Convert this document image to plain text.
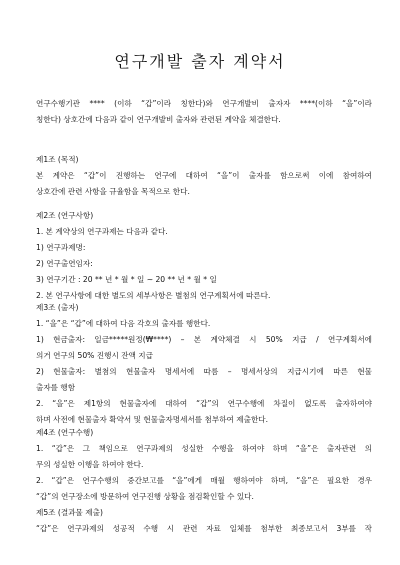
연구개발 출자 계약서

연구수행기관 **** (이하 “갑”이라 칭한다)와 연구개발비 출자자 ****(이하 “을”이라

칭한다) 상호간에 다음과 같이 연구개발비 출자와 관련된 계약을 체결한다.

제1조 (목적)

본 계약은 “갑”이 진행하는 연구에 대하여 “을”이 출자를 함으로써 이에 참여하여

상호간에 관련 사항을 규율함을 목적으로 한다.

제2조 (연구사항)

1. 본 계약상의 연구과제는 다음과 같다.

1) 연구과제명:

2) 연구출연임자:

3) 연구기간 : 20 ** 년 * 월 * 일 ~ 20 ** 년 * 월 * 일

2. 본 연구사항에 대한 별도의 세부사항은 별첨의 연구계획서에 따른다.

제3조 (출자)

1. “을”은 “갑”에 대하여 다음 각호의 출자를 행한다.

1) 현금출자: 일금*****원정(₩****) – 본 계약체결 시 50% 지급 / 연구계획서에

의거 연구의 50% 진행시 잔액 지급

2) 현물출자: 별첨의 현물출자 명세서에 따름 – 명세서상의 지급시기에 따른 현물

출자를 행함

2. “을”은 제1항의 현물출자에 대하여 “갑”의 연구수행에 차질이 없도록 출자하여야

하며 사전에 현물출자 확약서 및 현물출자명세서를 첨부하여 제출한다.

제4조 (연구수행)

1. “갑”은 그 책임으로 연구과제의 성실한 수행을 하여야 하며 “을”은 출자관련 의

무의 성실한 이행을 하여야 한다.

2. “갑”은 연구수행의 중간보고를 “을”에게 매월 행하여야 하며, “을”은 필요한 경우

“갑”의 연구장소에 방문하여 연구진행 상황을 점검확인할 수 있다.

제5조 (결과물 제출)

“갑”은 연구과제의 성공적 수행 시 관련 자료 일체를 첨부한 최종보고서 3부를 작
